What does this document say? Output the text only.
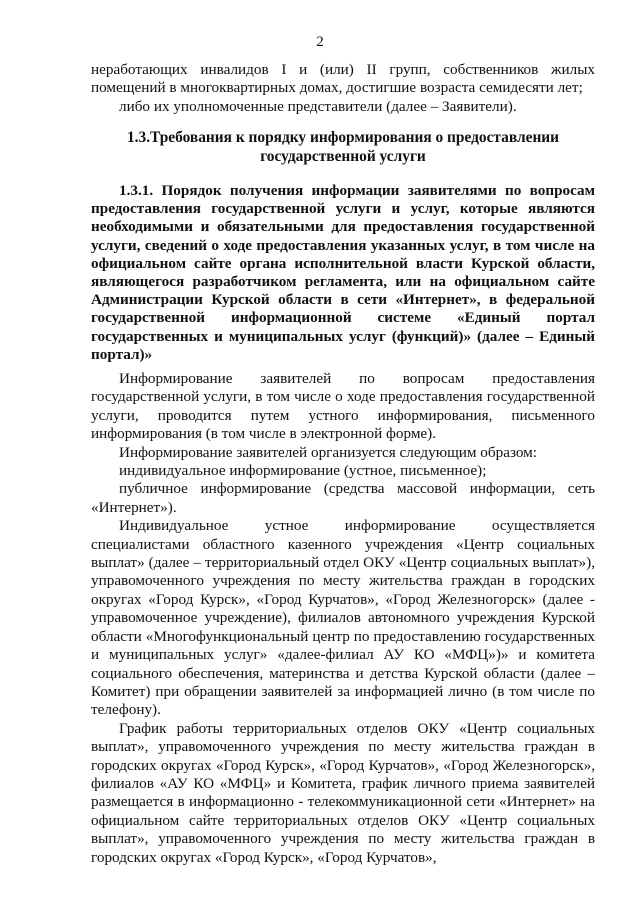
2

неработающих инвалидов I и (или) II групп, собственников жилых помещений в многоквартирных домах, достигшие возраста семидесяти лет;

либо их уполномоченные представители (далее – Заявители).

1.3.Требования к порядку информирования о предоставлении государственной услуги
1.3.1. Порядок получения информации заявителями по вопросам предоставления государственной услуги и услуг, которые являются необходимыми и обязательными для предоставления государственной услуги, сведений о ходе предоставления указанных услуг, в том числе на официальном сайте органа исполнительной власти Курской области, являющегося разработчиком регламента, или на официальном сайте Администрации Курской области в сети «Интернет», в федеральной государственной информационной системе «Единый портал государственных и муниципальных услуг (функций)» (далее – Единый портал)»

Информирование заявителей по вопросам предоставления государственной услуги, в том числе о ходе предоставления государственной услуги, проводится путем устного информирования, письменного информирования (в том числе в электронной форме).

Информирование заявителей организуется следующим образом:

индивидуальное информирование (устное, письменное);

публичное информирование (средства массовой информации, сеть «Интернет»).

Индивидуальное устное информирование осуществляется специалистами областного казенного учреждения «Центр социальных выплат» (далее – территориальный отдел ОКУ «Центр социальных выплат»), управомоченного учреждения по месту жительства граждан в городских округах «Город Курск», «Город Курчатов», «Город Железногорск» (далее - управомоченное учреждение), филиалов автономного учреждения Курской области «Многофункциональный центр по предоставлению государственных и муниципальных услуг» «далее-филиал АУ КО «МФЦ»)» и комитета социального обеспечения, материнства и детства Курской области (далее – Комитет) при обращении заявителей за информацией лично (в том числе по телефону).

График работы территориальных отделов ОКУ «Центр социальных выплат», управомоченного учреждения по месту жительства граждан в городских округах «Город Курск», «Город Курчатов», «Город Железногорск», филиалов «АУ КО «МФЦ» и Комитета, график личного приема заявителей размещается в информационно - телекоммуникационной сети «Интернет» на официальном сайте территориальных отделов ОКУ «Центр социальных выплат», управомоченного учреждения по месту жительства граждан в городских округах «Город Курск», «Город Курчатов»,
